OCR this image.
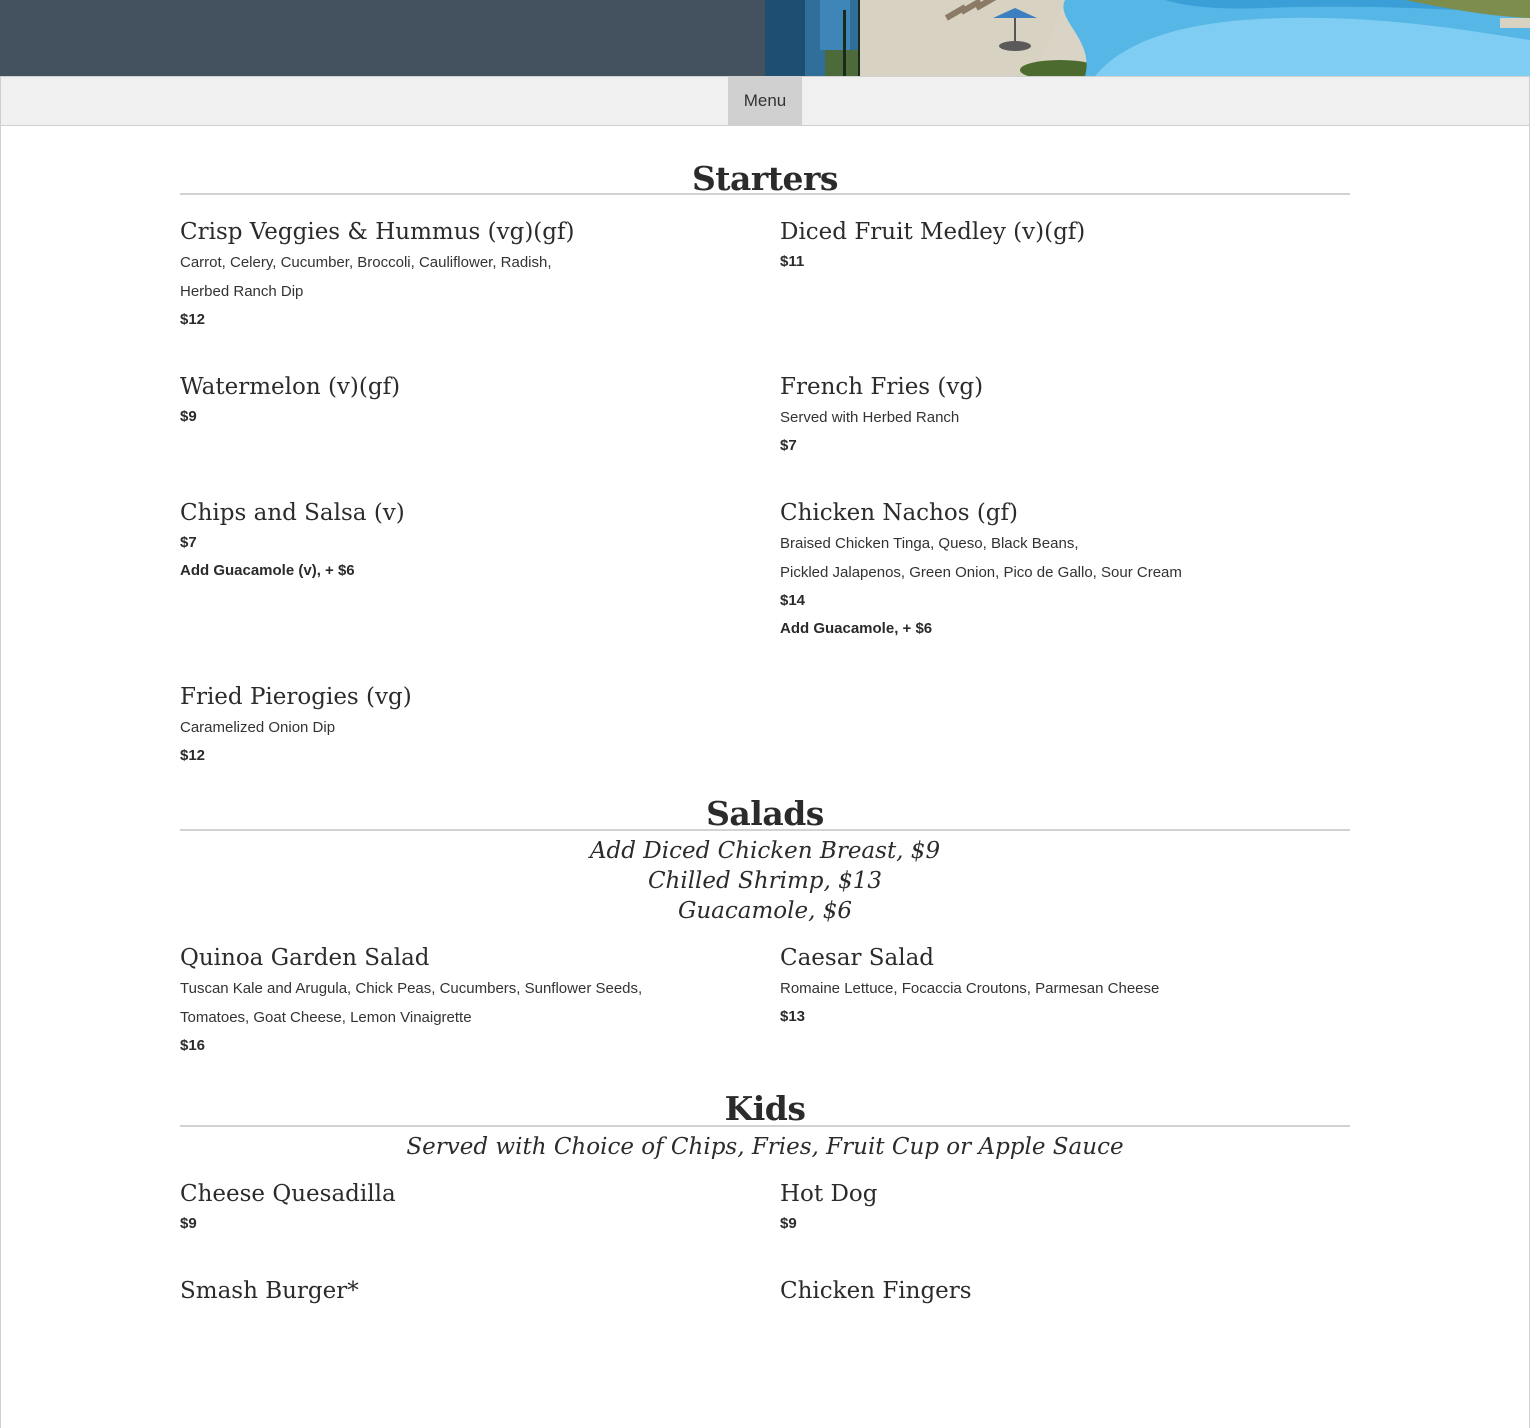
Menu
Starters
Crisp Veggies & Hummus (vg)(gf)
Carrot, Celery, Cucumber, Broccoli, Cauliflower, Radish,
Herbed Ranch Dip
$12
Diced Fruit Medley (v)(gf)
$11
Watermelon (v)(gf)
$9
French Fries (vg)
Served with Herbed Ranch
$7
Chips and Salsa (v)
$7
Add Guacamole (v), + $6
Chicken Nachos (gf)
Braised Chicken Tinga, Queso, Black Beans,
Pickled Jalapenos, Green Onion, Pico de Gallo, Sour Cream
$14
Add Guacamole, + $6
Fried Pierogies (vg)
Caramelized Onion Dip
$12
Salads
Add Diced Chicken Breast, $9
Chilled Shrimp, $13
Guacamole, $6
Quinoa Garden Salad
Tuscan Kale and Arugula, Chick Peas, Cucumbers, Sunflower Seeds,
Tomatoes, Goat Cheese, Lemon Vinaigrette
$16
Caesar Salad
Romaine Lettuce, Focaccia Croutons, Parmesan Cheese
$13
Kids
Served with Choice of Chips, Fries, Fruit Cup or Apple Sauce
Cheese Quesadilla
$9
Hot Dog
$9
Smash Burger*	Chicken Fingers
